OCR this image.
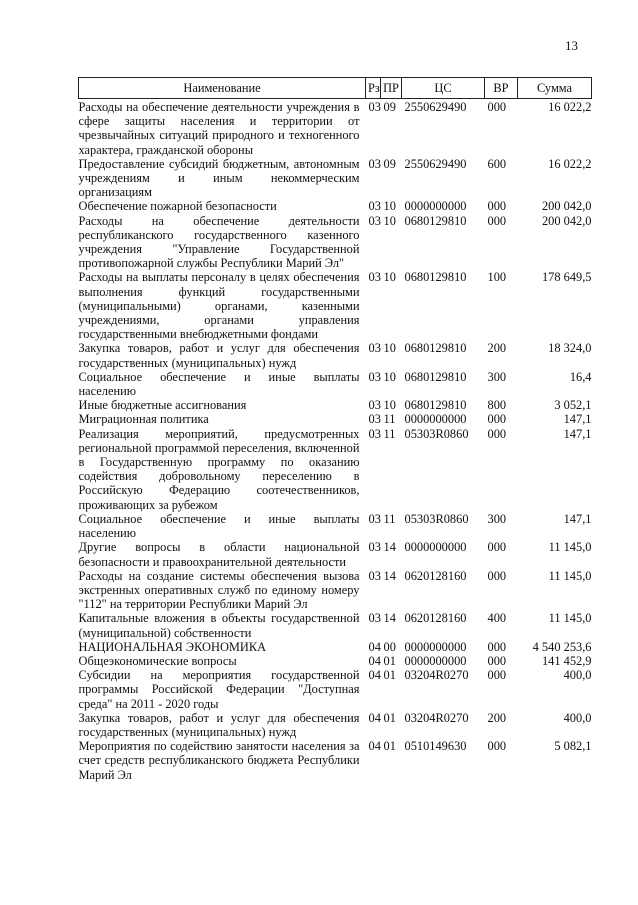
13
Наименование	Рз	ПР	ЦС	ВР	Сумма
Расходы на обеспечение деятельности учреждения в сфере защиты населения и территории от чрезвычайных ситуаций природного и техногенного характера, гражданской обороны	03	09	2550629490	000	16 022,2
Предоставление субсидий бюджетным, автономным учреждениям и иным некоммерческим организациям	03	09	2550629490	600	16 022,2
Обеспечение пожарной безопасности	03	10	0000000000	000	200 042,0
Расходы на обеспечение деятельности республиканского государственного казенного учреждения "Управление Государственной противопожарной службы Республики Марий Эл"	03	10	0680129810	000	200 042,0
Расходы на выплаты персоналу в целях обеспечения выполнения функций государственными (муниципальными) органами, казенными учреждениями, органами управления государственными внебюджетными фондами	03	10	0680129810	100	178 649,5
Закупка товаров, работ и услуг для обеспечения государственных (муниципальных) нужд	03	10	0680129810	200	18 324,0
Социальное обеспечение и иные выплаты населению	03	10	0680129810	300	16,4
Иные бюджетные ассигнования	03	10	0680129810	800	3 052,1
Миграционная политика	03	11	0000000000	000	147,1
Реализация мероприятий, предусмотренных региональной программой переселения, включенной в Государственную программу по оказанию содействия добровольному переселению в Российскую Федерацию соотечественников, проживающих за рубежом	03	11	05303R0860	000	147,1
Социальное обеспечение и иные выплаты населению	03	11	05303R0860	300	147,1
Другие вопросы в области национальной безопасности и правоохранительной деятельности	03	14	0000000000	000	11 145,0
Расходы на создание системы обеспечения вызова экстренных оперативных служб по единому номеру "112" на территории Республики Марий Эл	03	14	0620128160	000	11 145,0
Капитальные вложения в объекты государственной (муниципальной) собственности	03	14	0620128160	400	11 145,0
НАЦИОНАЛЬНАЯ ЭКОНОМИКА	04	00	0000000000	000	4 540 253,6
Общеэкономические вопросы	04	01	0000000000	000	141 452,9
Субсидии на мероприятия государственной программы Российской Федерации "Доступная среда" на 2011 - 2020 годы	04	01	03204R0270	000	400,0
Закупка товаров, работ и услуг для обеспечения государственных (муниципальных) нужд	04	01	03204R0270	200	400,0
Мероприятия по содействию занятости населения за счет средств республиканского бюджета Республики Марий Эл	04	01	0510149630	000	5 082,1
